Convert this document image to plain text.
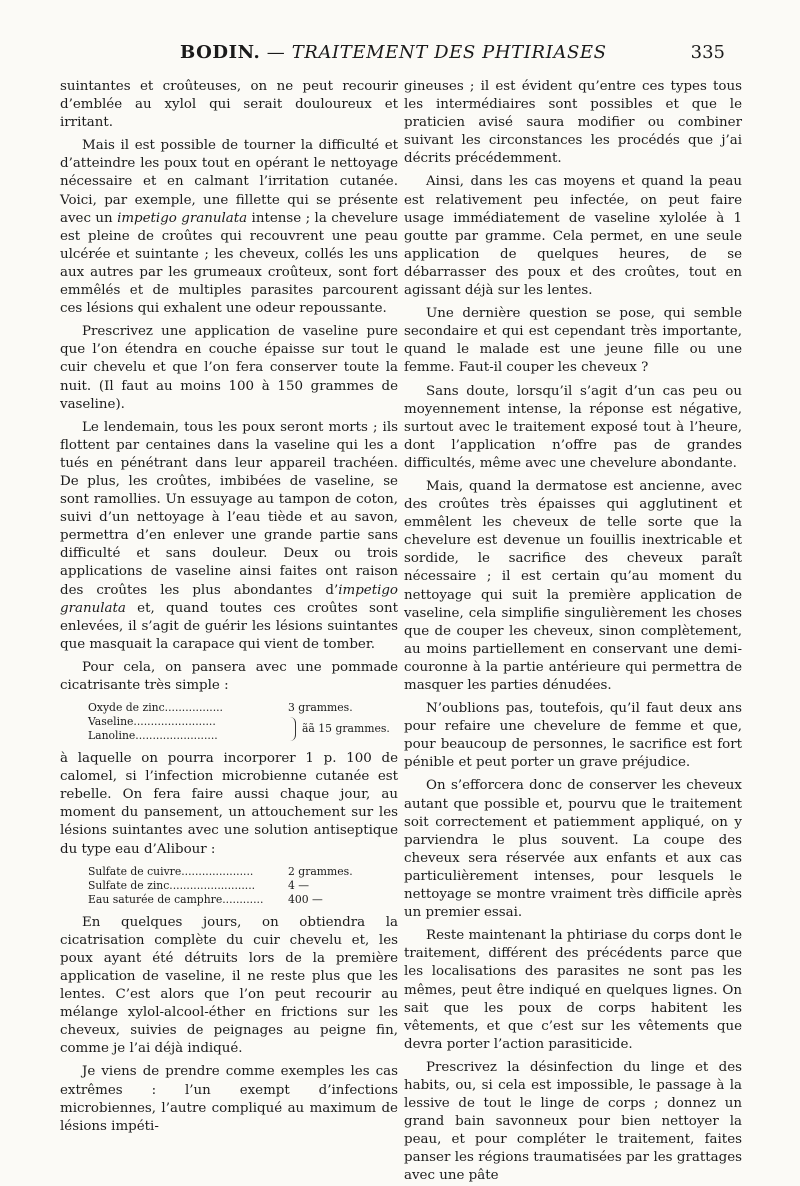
BODIN. — TRAITEMENT DES PHTIRIASES	335

suintantes et croûteuses, on ne peut recourir d’emblée au xylol qui serait douloureux et irritant.

Mais il est possible de tourner la difficulté et d’atteindre les poux tout en opérant le nettoyage nécessaire et en calmant l’irritation cutanée. Voici, par exemple, une fillette qui se présente avec un impetigo granulata intense ; la chevelure est pleine de croûtes qui recouvrent une peau ulcérée et suintante ; les cheveux, collés les uns aux autres par les grumeaux croûteux, sont fort emmêlés et de multiples parasites parcourent ces lésions qui exhalent une odeur repoussante.

Prescrivez une application de vaseline pure que l’on étendra en couche épaisse sur tout le cuir chevelu et que l’on fera conserver toute la nuit. (Il faut au moins 100 à 150 grammes de vaseline).

Le lendemain, tous les poux seront morts ; ils flottent par centaines dans la vaseline qui les a tués en pénétrant dans leur appareil trachéen. De plus, les croûtes, imbibées de vaseline, se sont ramollies. Un essuyage au tampon de coton, suivi d’un nettoyage à l’eau tiède et au savon, permettra d’en enlever une grande partie sans difficulté et sans douleur. Deux ou trois applications de vaseline ainsi faites ont raison des croûtes les plus abondantes d’impetigo granulata et, quand toutes ces croûtes sont enlevées, il s’agit de guérir les lésions suintantes que masquait la carapace qui vient de tomber.

Pour cela, on pansera avec une pommade cicatrisante très simple :

Oxyde de zinc.................	3 grammes.
Vaseline........................
Lanoline........................
ãã 15 grammes.

à laquelle on pourra incorporer 1 p. 100 de calomel, si l’infection microbienne cutanée est rebelle. On fera faire aussi chaque jour, au moment du pansement, un attouchement sur les lésions suintantes avec une solution antiseptique du type eau d’Alibour :

Sulfate de cuivre.....................	2 grammes.
Sulfate de zinc.........................	4 —
Eau saturée de camphre............	400 —

En quelques jours, on obtiendra la cicatrisation complète du cuir chevelu et, les poux ayant été détruits lors de la première application de vaseline, il ne reste plus que les lentes. C’est alors que l’on peut recourir au mélange xylol-alcool-éther en frictions sur les cheveux, suivies de peignages au peigne fin, comme je l’ai déjà indiqué.

Je viens de prendre comme exemples les cas extrêmes : l’un exempt d’infections microbiennes, l’autre compliqué au maximum de lésions impéti-

gineuses ; il est évident qu’entre ces types tous les intermédiaires sont possibles et que le praticien avisé saura modifier ou combiner suivant les circonstances les procédés que j’ai décrits précédemment.

Ainsi, dans les cas moyens et quand la peau est relativement peu infectée, on peut faire usage immédiatement de vaseline xylolée à 1 goutte par gramme. Cela permet, en une seule application de quelques heures, de se débarrasser des poux et des croûtes, tout en agissant déjà sur les lentes.

Une dernière question se pose, qui semble secondaire et qui est cependant très importante, quand le malade est une jeune fille ou une femme. Faut-il couper les cheveux ?

Sans doute, lorsqu’il s’agit d’un cas peu ou moyennement intense, la réponse est négative, surtout avec le traitement exposé tout à l’heure, dont l’application n’offre pas de grandes difficultés, même avec une chevelure abondante.

Mais, quand la dermatose est ancienne, avec des croûtes très épaisses qui agglutinent et emmêlent les cheveux de telle sorte que la chevelure est devenue un fouillis inextricable et sordide, le sacrifice des cheveux paraît nécessaire ; il est certain qu’au moment du nettoyage qui suit la première application de vaseline, cela simplifie singulièrement les choses que de couper les cheveux, sinon complètement, au moins partiellement en conservant une demi-couronne à la partie antérieure qui permettra de masquer les parties dénudées.

N’oublions pas, toutefois, qu’il faut deux ans pour refaire une chevelure de femme et que, pour beaucoup de personnes, le sacrifice est fort pénible et peut porter un grave préjudice.

On s’efforcera donc de conserver les cheveux autant que possible et, pourvu que le traitement soit correctement et patiemment appliqué, on y parviendra le plus souvent. La coupe des cheveux sera réservée aux enfants et aux cas particulièrement intenses, pour lesquels le nettoyage se montre vraiment très difficile après un premier essai.

Reste maintenant la phtiriase du corps dont le traitement, différent des précédents parce que les localisations des parasites ne sont pas les mêmes, peut être indiqué en quelques lignes. On sait que les poux de corps habitent les vêtements, et que c’est sur les vêtements que devra porter l’action parasiticide.

Prescrivez la désinfection du linge et des habits, ou, si cela est impossible, le passage à la lessive de tout le linge de corps ; donnez un grand bain savonneux pour bien nettoyer la peau, et pour compléter le traitement, faites panser les régions traumatisées par les grattages avec une pâte
